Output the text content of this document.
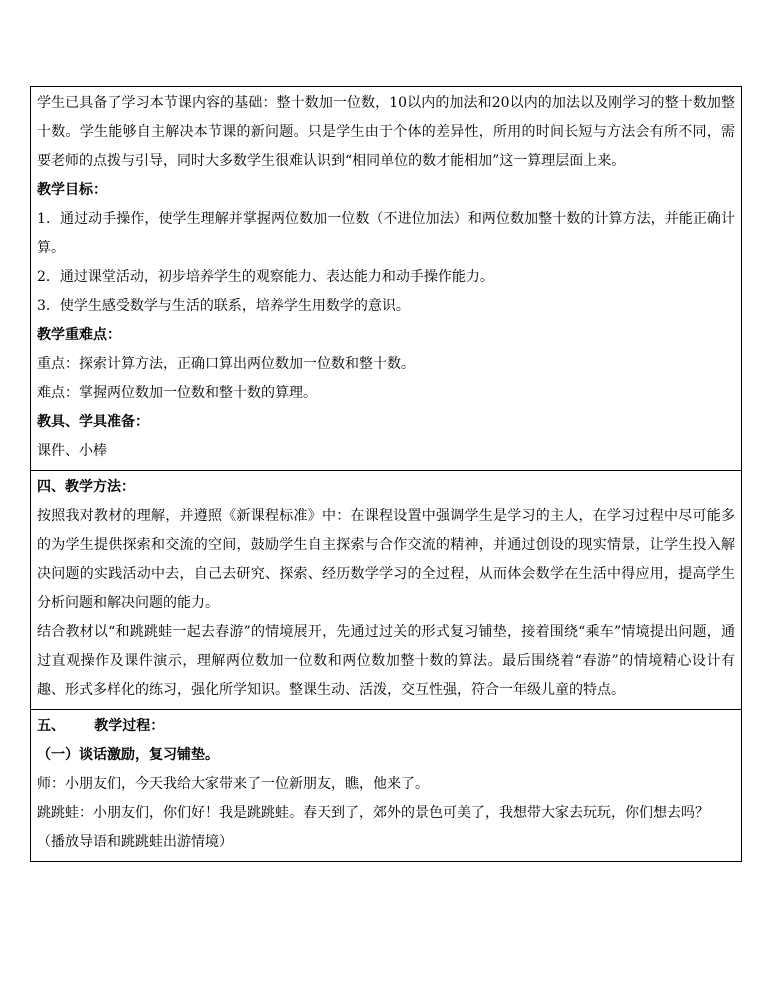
学生已具备了学习本节课内容的基础：整十数加一位数，10以内的加法和20以内的加法以及刚学习的整十数加整十数。学生能够自主解决本节课的新问题。只是学生由于个体的差异性，所用的时间长短与方法会有所不同，需要老师的点拨与引导，同时大多数学生很难认识到“相同单位的数才能相加”这一算理层面上来。

教学目标：

1．通过动手操作，使学生理解并掌握两位数加一位数（不进位加法）和两位数加整十数的计算方法，并能正确计算。

2．通过课堂活动，初步培养学生的观察能力、表达能力和动手操作能力。

3．使学生感受数学与生活的联系，培养学生用数学的意识。

教学重难点：

重点：探索计算方法，正确口算出两位数加一位数和整十数。

难点：掌握两位数加一位数和整十数的算理。

教具、学具准备：

课件、小棒

四、教学方法：

按照我对教材的理解，并遵照《新课程标准》中：在课程设置中强调学生是学习的主人，在学习过程中尽可能多的为学生提供探索和交流的空间，鼓励学生自主探索与合作交流的精神，并通过创设的现实情景，让学生投入解决问题的实践活动中去，自己去研究、探索、经历数学学习的全过程，从而体会数学在生活中得应用，提高学生分析问题和解决问题的能力。

结合教材以“和跳跳蛙一起去春游”的情境展开，先通过过关的形式复习铺垫，接着围绕“乘车”情境提出问题，通过直观操作及课件演示，理解两位数加一位数和两位数加整十数的算法。最后围绕着“春游”的情境精心设计有趣、形式多样化的练习，强化所学知识。整课生动、活泼，交互性强，符合一年级儿童的特点。

五、      教学过程：

（一）谈话激励，复习铺垫。

师：小朋友们，今天我给大家带来了一位新朋友，瞧，他来了。

跳跳蛙：小朋友们，你们好！我是跳跳蛙。春天到了，郊外的景色可美了，我想带大家去玩玩，你们想去吗？

（播放导语和跳跳蛙出游情境）
